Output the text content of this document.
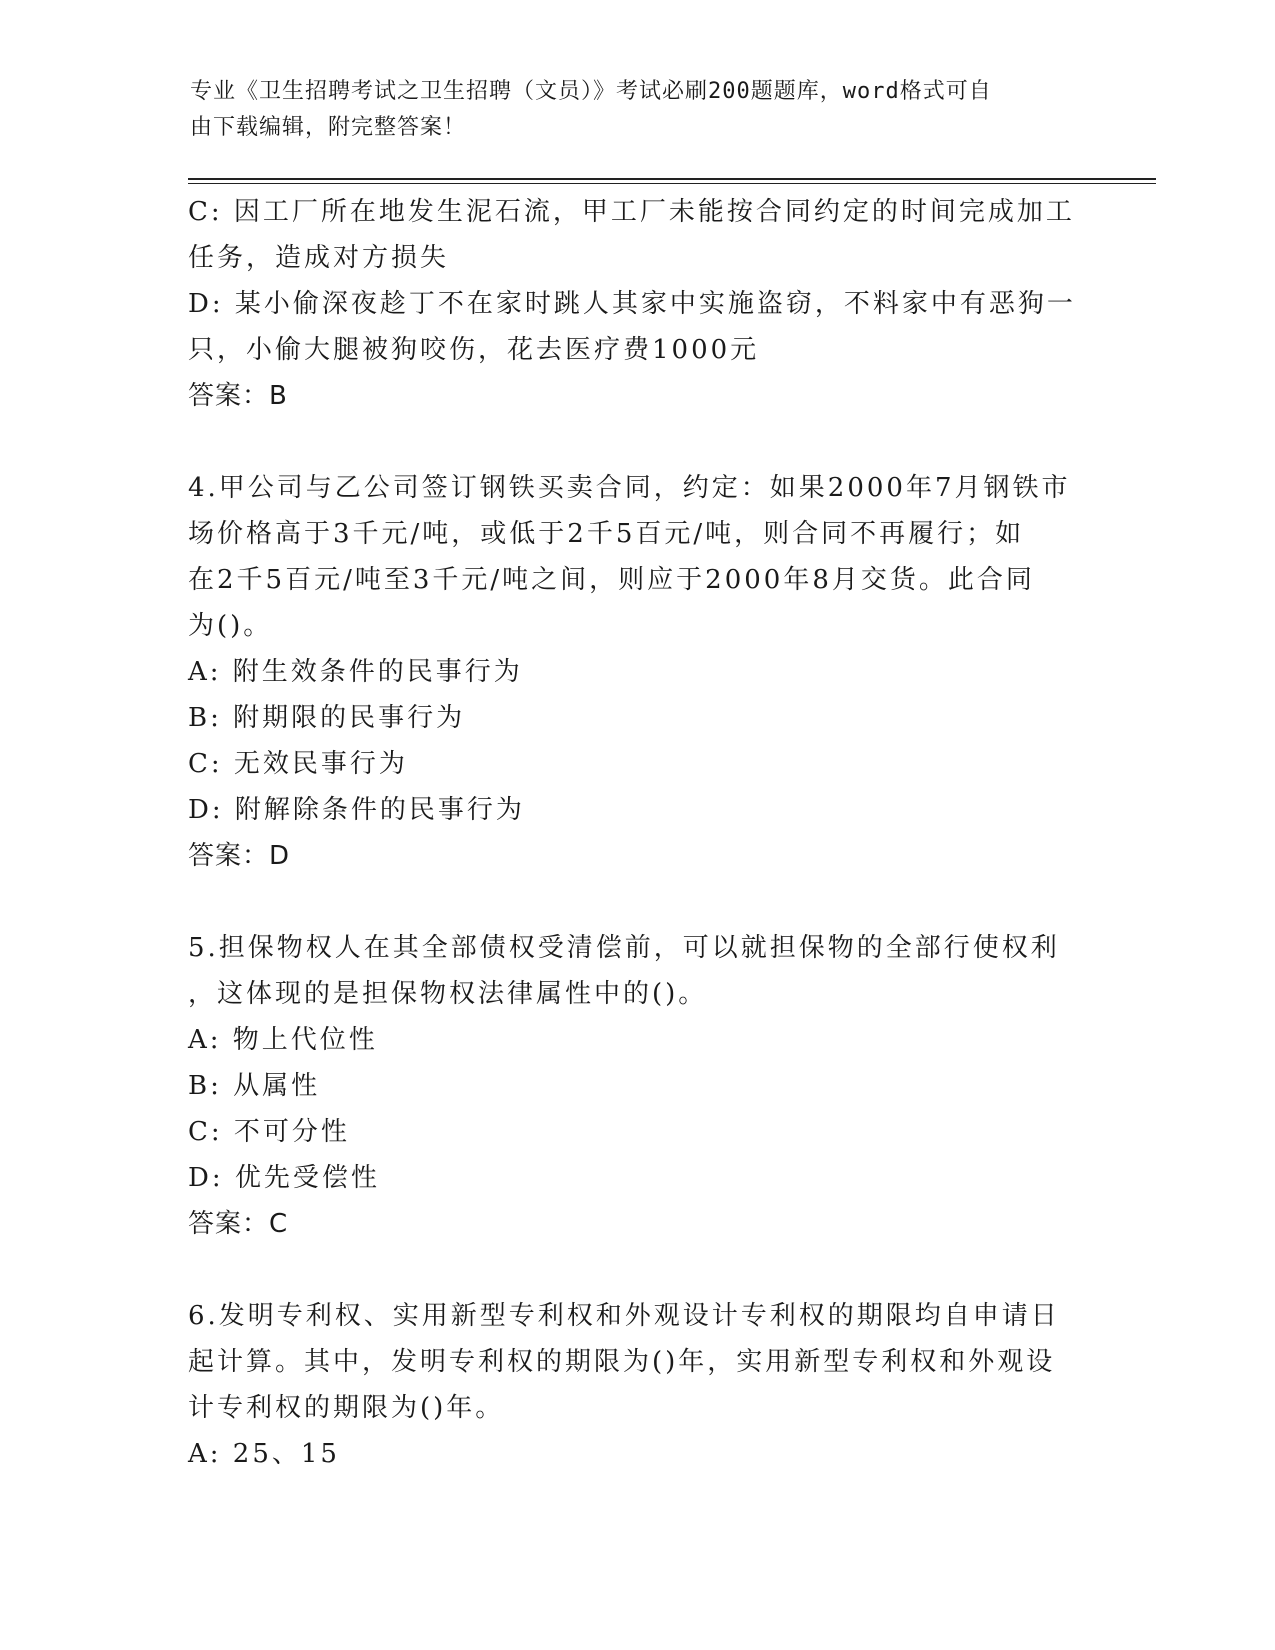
专业《卫生招聘考试之卫生招聘（文员）》考试必刷200题题库，word格式可自
由下载编辑，附完整答案！
C: 因工厂所在地发生泥石流，甲工厂未能按合同约定的时间完成加工
任务，造成对方损失
D: 某小偷深夜趁丁不在家时跳人其家中实施盗窃，不料家中有恶狗一
只，小偷大腿被狗咬伤，花去医疗费1000元
答案：B
4.甲公司与乙公司签订钢铁买卖合同，约定：如果2000年7月钢铁市
场价格高于3千元/吨，或低于2千5百元/吨，则合同不再履行；如
在2千5百元/吨至3千元/吨之间，则应于2000年8月交货。此合同
为()。
A: 附生效条件的民事行为
B: 附期限的民事行为
C: 无效民事行为
D: 附解除条件的民事行为
答案：D
5.担保物权人在其全部债权受清偿前，可以就担保物的全部行使权利
，这体现的是担保物权法律属性中的()。
A: 物上代位性
B: 从属性
C: 不可分性
D: 优先受偿性
答案：C
6.发明专利权、实用新型专利权和外观设计专利权的期限均自申请日
起计算。其中，发明专利权的期限为()年，实用新型专利权和外观设
计专利权的期限为()年。
A: 25、15
